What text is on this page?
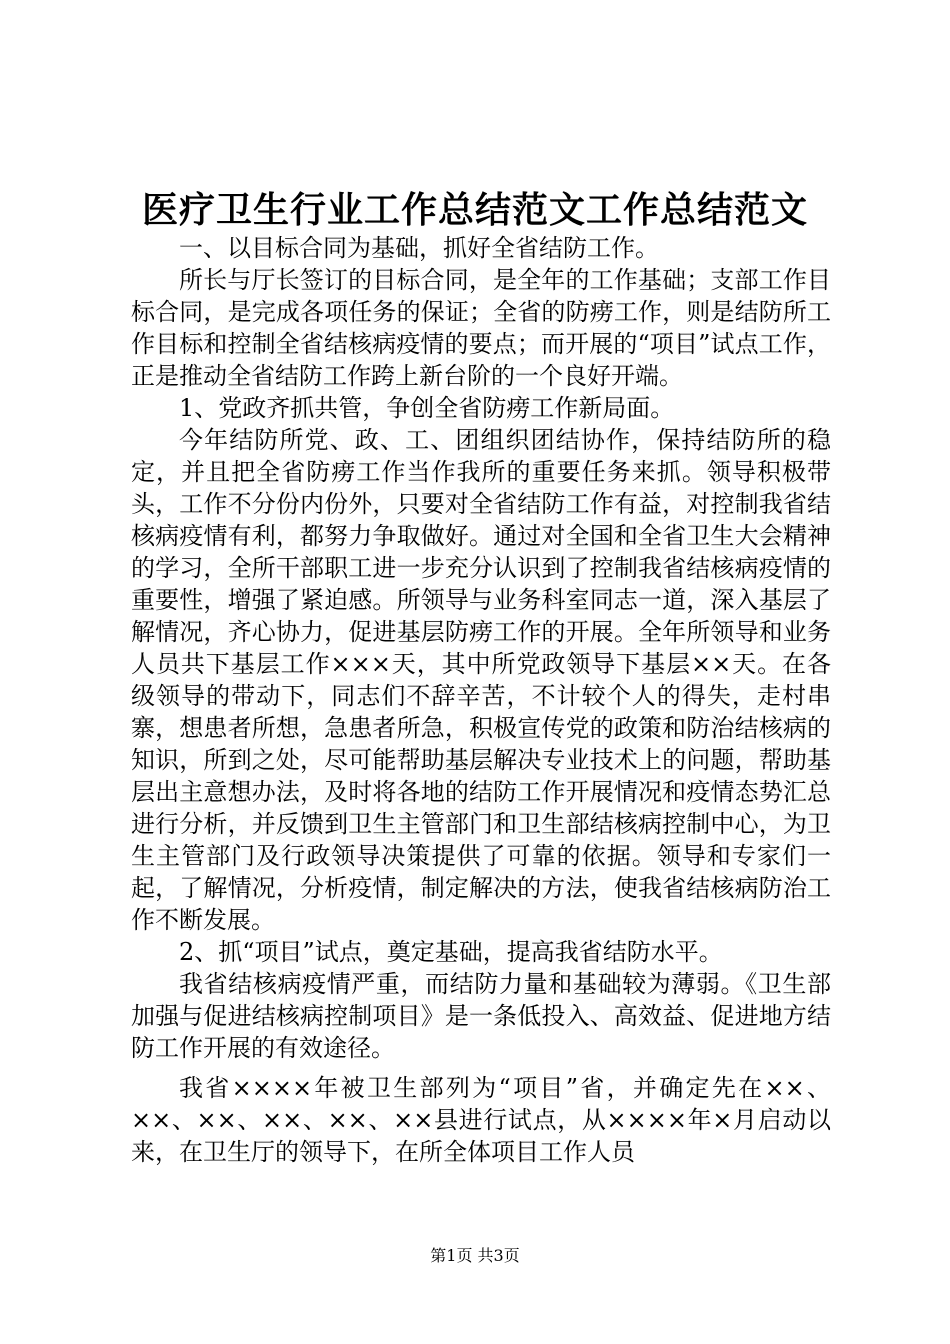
医疗卫生行业工作总结范文工作总结范文

一、以目标合同为基础，抓好全省结防工作。

所长与厅长签订的目标合同，是全年的工作基础；支部工作目标合同，是完成各项任务的保证；全省的防痨工作，则是结防所工作目标和控制全省结核病疫情的要点；而开展的“项目”试点工作，正是推动全省结防工作跨上新台阶的一个良好开端。

1、党政齐抓共管，争创全省防痨工作新局面。

今年结防所党、政、工、团组织团结协作，保持结防所的稳定，并且把全省防痨工作当作我所的重要任务来抓。领导积极带头，工作不分份内份外，只要对全省结防工作有益，对控制我省结核病疫情有利，都努力争取做好。通过对全国和全省卫生大会精神的学习，全所干部职工进一步充分认识到了控制我省结核病疫情的重要性，增强了紧迫感。所领导与业务科室同志一道，深入基层了解情况，齐心协力，促进基层防痨工作的开展。全年所领导和业务人员共下基层工作×××天，其中所党政领导下基层××天。在各级领导的带动下，同志们不辞辛苦，不计较个人的得失，走村串寨，想患者所想，急患者所急，积极宣传党的政策和防治结核病的知识，所到之处，尽可能帮助基层解决专业技术上的问题，帮助基层出主意想办法，及时将各地的结防工作开展情况和疫情态势汇总进行分析，并反馈到卫生主管部门和卫生部结核病控制中心，为卫生主管部门及行政领导决策提供了可靠的依据。领导和专家们一起，了解情况，分析疫情，制定解决的方法，使我省结核病防治工作不断发展。

2、抓“项目”试点，奠定基础，提高我省结防水平。

我省结核病疫情严重，而结防力量和基础较为薄弱。《卫生部加强与促进结核病控制项目》是一条低投入、高效益、促进地方结防工作开展的有效途径。

我省××××年被卫生部列为“项目”省，并确定先在××、××、××、××、××、××县进行试点，从××××年×月启动以来，在卫生厅的领导下，在所全体项目工作人员

第1页 共3页
